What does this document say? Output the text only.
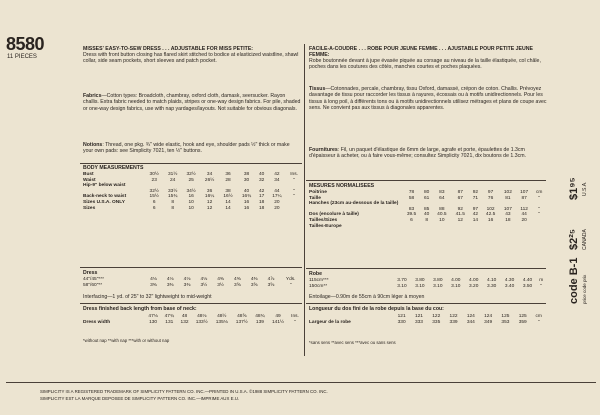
8580
11 PIECES
MISSES' EASY-TO-SEW DRESS . . . ADJUSTABLE FOR MISS PETITE:
Dress with front button closing has flared skirt stitched to bodice at elasticized waistline, shawl collar, side seam pockets, short sleeves and patch pocket.
Fabrics—Cotton types: Broadcloth, chambray, oxford cloth, damask, seersucker. Rayon challis. Extra fabric needed to match plaids, stripes or one-way design fabrics. For pile, shaded or one-way design fabrics, use with nap yardages/layouts. Not suitable for obvious diagonals.
Notions: Thread, one pkg. ¾" wide elastic, hook and eye, shoulder pads ½" thick or make your own pads: see Simplicity 7021, ten ½" buttons.
BODY MEASUREMENTS
Bust	30½	31½	32½	34	36	38	40	42	Ins.
Waist	23	24	25	26½	28	30	32	34	"
Hip-9" below waist									
	32½	33½	34½	36	38	40	42	44	"
Back-neck to waist	15½	15¾	16	16¼	16½	16¾	17	17¼	"
Sizes U.S.A. ONLY	6	8	10	12	14	16	18	20	
Sizes	6	8	10	12	14	16	18	20	
Dress
44"/45"***	4⅛	4⅛	4⅛	4⅛	4⅜	4⅜	4⅜	4⅞	Yds.
58"/60"**	3⅜	3⅜	3⅜	3½	3½	3⅝	3⅝	3⅝	"
Interfacing—1 yd. of 25" to 32" lightweight to mid-weight
Dress finished back length from base of neck:
	47⅛	47¾	48	48⅛	48½	48⅝	48¾	49	Ins.
Dress width	130	131	132	133½	135⅛	137½	139	141½	"
*without nap **with nap ***with or without nap
FACILE-A-COUDRE . . . ROBE POUR JEUNE FEMME . . . AJUSTABLE POUR PETITE JEUNE FEMME:
Robe boutonnée devant à jupe évasée piquée au corsage au niveau de la taille élastiquée, col châle, poches dans les coutures des côtés, manches courtes et poches plaquées.
Tissus—Cotonnades, percale, chambray, tissu Oxford, damassé, crépon de coton. Challis. Prévoyez davantage de tissu pour raccorder les tissus à rayures, écossais ou à motifs unidirectionnels. Pour les tissus à long poil, à différents tons ou à motifs unidirectionnels utilisez métrages et plans de coupe avec sens. Ne convient pas aux tissus à diagonales apparentes.
Fournitures: Fil, un paquet d'élastique de 6mm de large, agrafe et porte, épaulettes de 1.3cm d'épaisseur à acheter, ou à faire vous-même; consultez Simplicity 7021, dix boutons de 1.3cm.
MESURES NORMALISEES
Poitrine	78	80	83	87	92	97	102	107	cm
Taille	58	61	64	67	71	76	81	87	"
Hanches (23cm au-dessous de la taille)									
	83	85	88	92	97	102	107	112	"
Dos (encolure à taille)	39.5	40	40.5	41.5	42	42.5	43	44	"
Tailles/Sizes	6	8	10	12	14	16	18	20	
Tailles-Europe									
Robe
115cm***	3.70	3.80	3.80	4.00	4.00	4.10	4.30	4.40	m
150cm**	3.10	3.10	3.10	3.10	3.20	3.30	3.40	3.50	"
Entoilage—0.90m de 55cm à 90cm léger à moyen
Longueur du dos fini de la robe depuis la base du cou:
	121	121	122	122	124	124	125	125	cm
Largeur de la robe	330	333	335	339	344	349	353	359	"
*sans sens **avec sens ***avec ou sans sens
$1⁹⁵ U.S.A.
$2²⁵ CANADA
code B-1 price code prix
SIMPLICITY IS A REGISTERED TRADEMARK OF SIMPLICITY PATTERN CO. INC.—PRINTED IN U.S.A. ©1988 SIMPLICITY PATTERN CO. INC.
SIMPLICITY EST LA MARQUE DEPOSEE DE SIMPLICITY PATTERN CO. INC.—IMPRIME AUX E.U.
